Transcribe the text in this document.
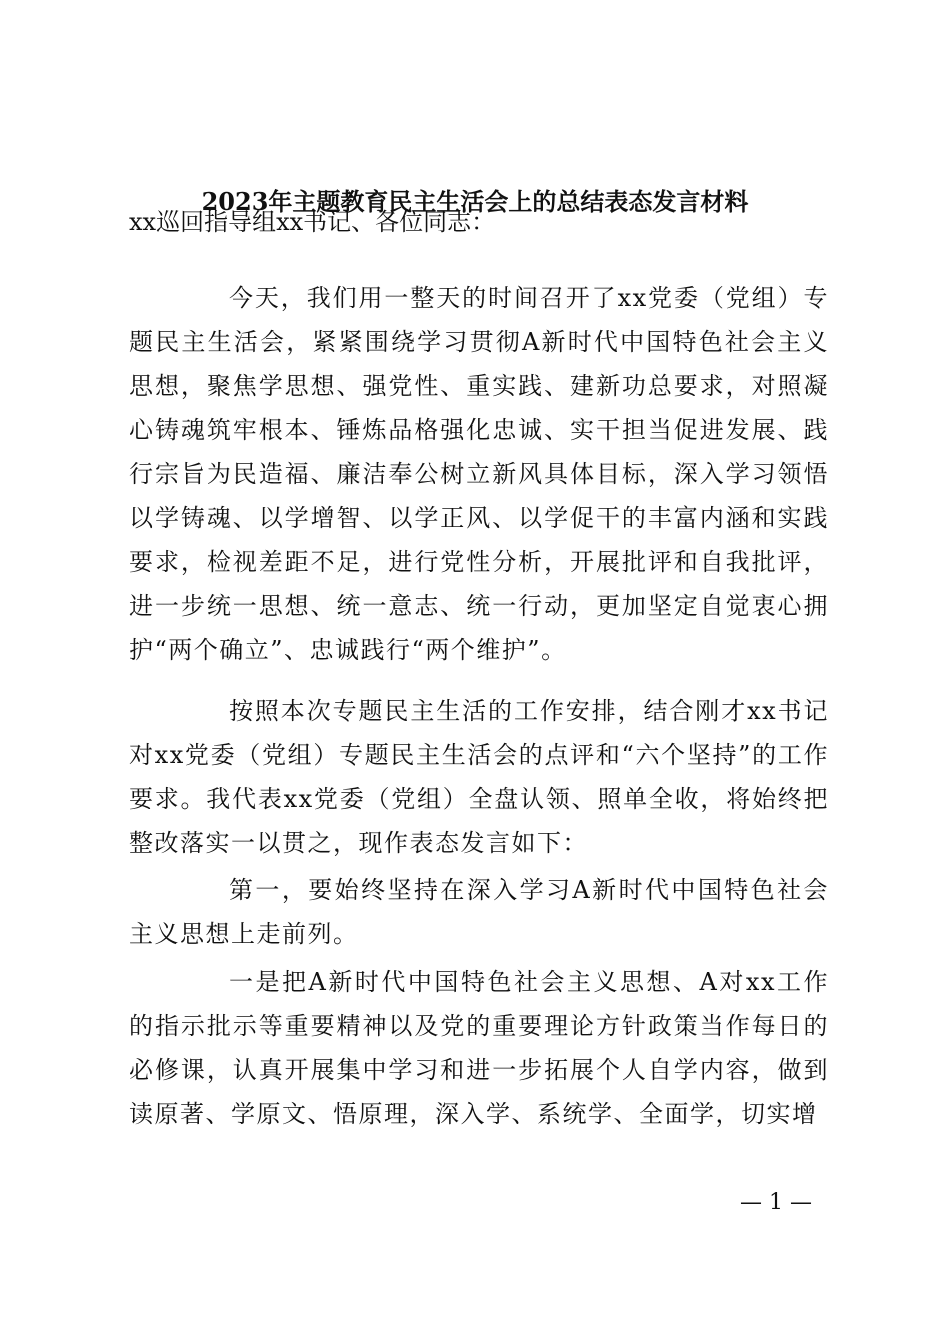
2023年主题教育民主生活会上的总结表态发言材料
xx巡回指导组xx书记、各位同志：

今天，我们用一整天的时间召开了xx党委（党组）专题民主生活会，紧紧围绕学习贯彻A新时代中国特色社会主义思想，聚焦学思想、强党性、重实践、建新功总要求，对照凝心铸魂筑牢根本、锤炼品格强化忠诚、实干担当促进发展、践行宗旨为民造福、廉洁奉公树立新风具体目标，深入学习领悟以学铸魂、以学增智、以学正风、以学促干的丰富内涵和实践要求，检视差距不足，进行党性分析，开展批评和自我批评，进一步统一思想、统一意志、统一行动，更加坚定自觉衷心拥护“两个确立”、忠诚践行“两个维护”。

按照本次专题民主生活的工作安排，结合刚才xx书记对xx党委（党组）专题民主生活会的点评和“六个坚持”的工作要求。我代表xx党委（党组）全盘认领、照单全收，将始终把整改落实一以贯之，现作表态发言如下：

第一，要始终坚持在深入学习A新时代中国特色社会主义思想上走前列。

一是把A新时代中国特色社会主义思想、A对xx工作的指示批示等重要精神以及党的重要理论方针政策当作每日的必修课，认真开展集中学习和进一步拓展个人自学内容，做到读原著、学原文、悟原理，深入学、系统学、全面学，切实增

— 1 —
